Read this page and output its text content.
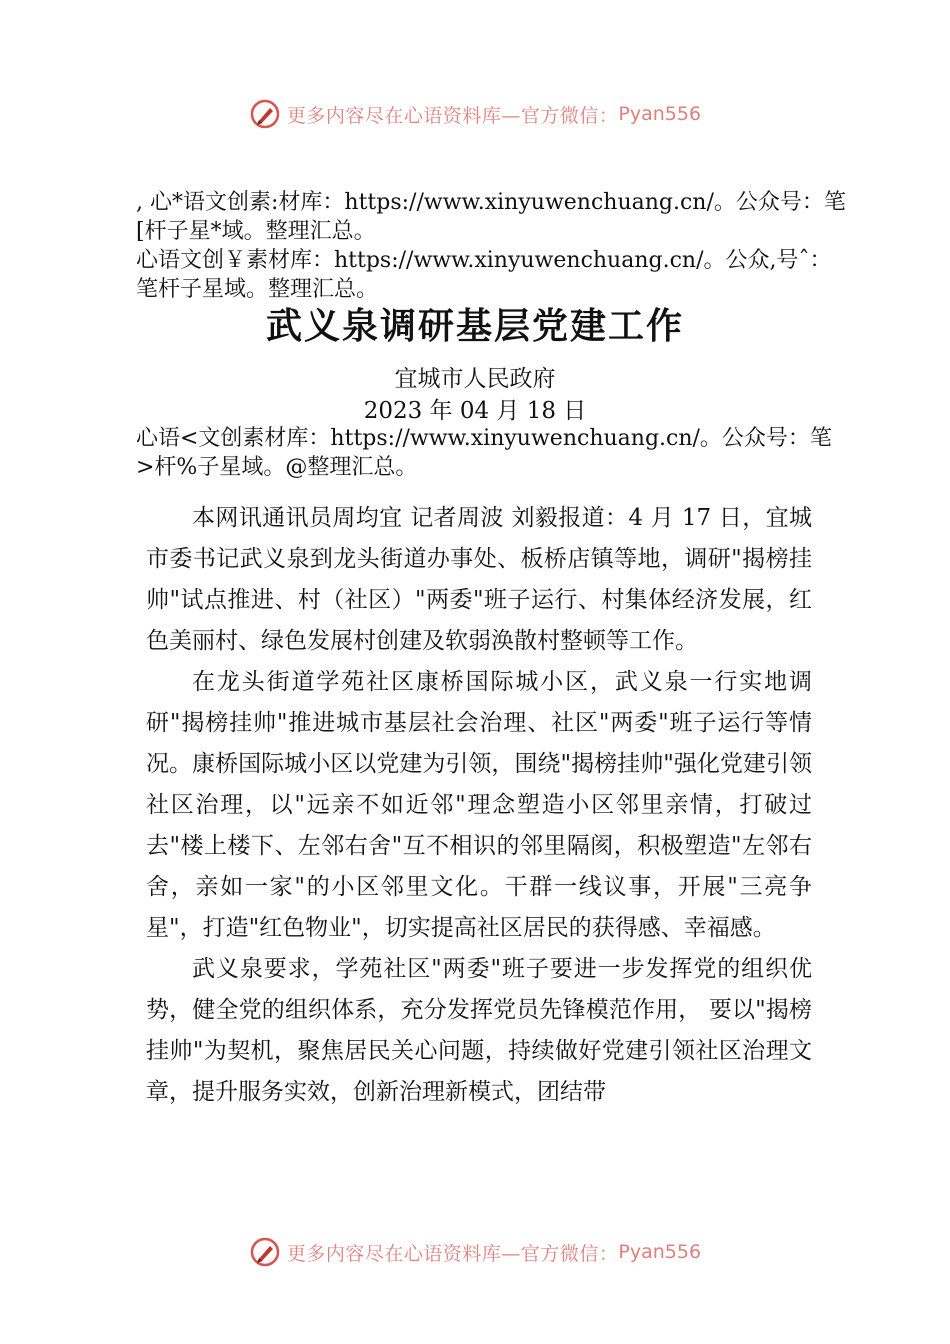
更多内容尽在心语资料库—官方微信： Pyan556
, 心*语文创素:材库：https://www.xinyuwenchuang.cn/。公众号：笔[杆子星*域。整理汇总。
心语文创￥素材库：https://www.xinyuwenchuang.cn/。公众,号ˆ：笔杆子星域。整理汇总。
武义泉调研基层党建工作
宜城市人民政府
2023 年 04 月 18 日
心语<文创素材库：https://www.xinyuwenchuang.cn/。公众号：笔>杆%子星域。@整理汇总。

本网讯通讯员周均宜 记者周波 刘毅报道：4 月 17 日，宜城市委书记武义泉到龙头街道办事处、板桥店镇等地，调研"揭榜挂帅"试点推进、村（社区）"两委"班子运行、村集体经济发展，红色美丽村、绿色发展村创建及软弱涣散村整顿等工作。

在龙头街道学苑社区康桥国际城小区，武义泉一行实地调研"揭榜挂帅"推进城市基层社会治理、社区"两委"班子运行等情况。康桥国际城小区以党建为引领，围绕"揭榜挂帅"强化党建引领社区治理，以"远亲不如近邻"理念塑造小区邻里亲情，打破过去"楼上楼下、左邻右舍"互不相识的邻里隔阂，积极塑造"左邻右舍，亲如一家"的小区邻里文化。干群一线议事，开展"三亮争星"，打造"红色物业"，切实提高社区居民的获得感、幸福感。

武义泉要求，学苑社区"两委"班子要进一步发挥党的组织优势，健全党的组织体系，充分发挥党员先锋模范作用， 要以"揭榜挂帅"为契机，聚焦居民关心问题，持续做好党建引领社区治理文章，提升服务实效，创新治理新模式，团结带

更多内容尽在心语资料库—官方微信： Pyan556
